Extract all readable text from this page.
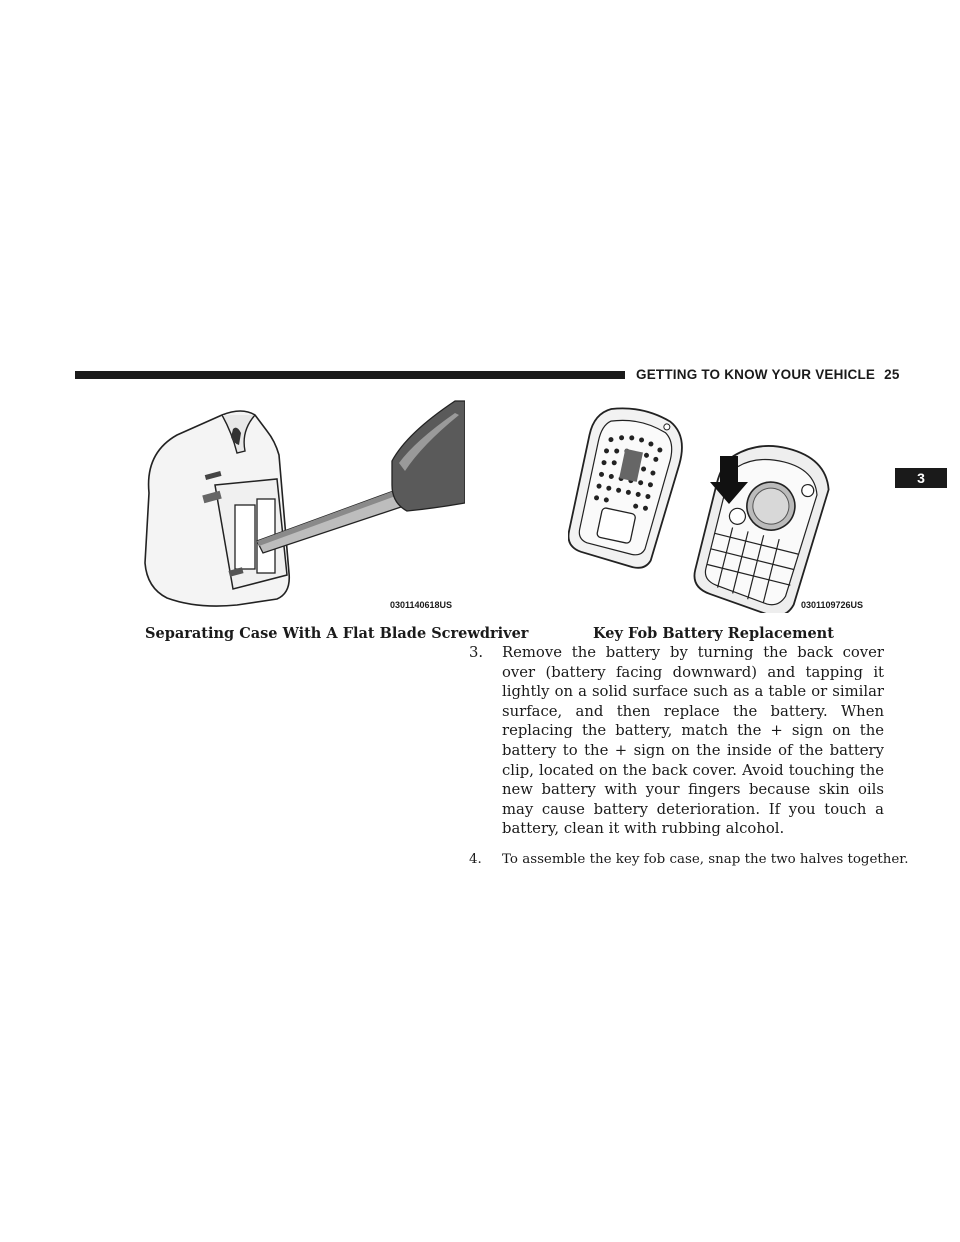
GETTING TO KNOW YOUR VEHICLE 25
3
0301140618US
Separating Case With A Flat Blade Screwdriver
0301109726US
Key Fob Battery Replacement
3. Remove the battery by turning the back cover over (battery facing downward) and tapping it lightly on a solid surface such as a table or similar surface, and then replace the battery. When replacing the battery, match the + sign on the battery to the + sign on the inside of the battery clip, located on the back cover. Avoid touching the new battery with your fingers because skin oils may cause battery deterioration. If you touch a battery, clean it with rubbing alcohol.
4. To assemble the key fob case, snap the two halves together.
